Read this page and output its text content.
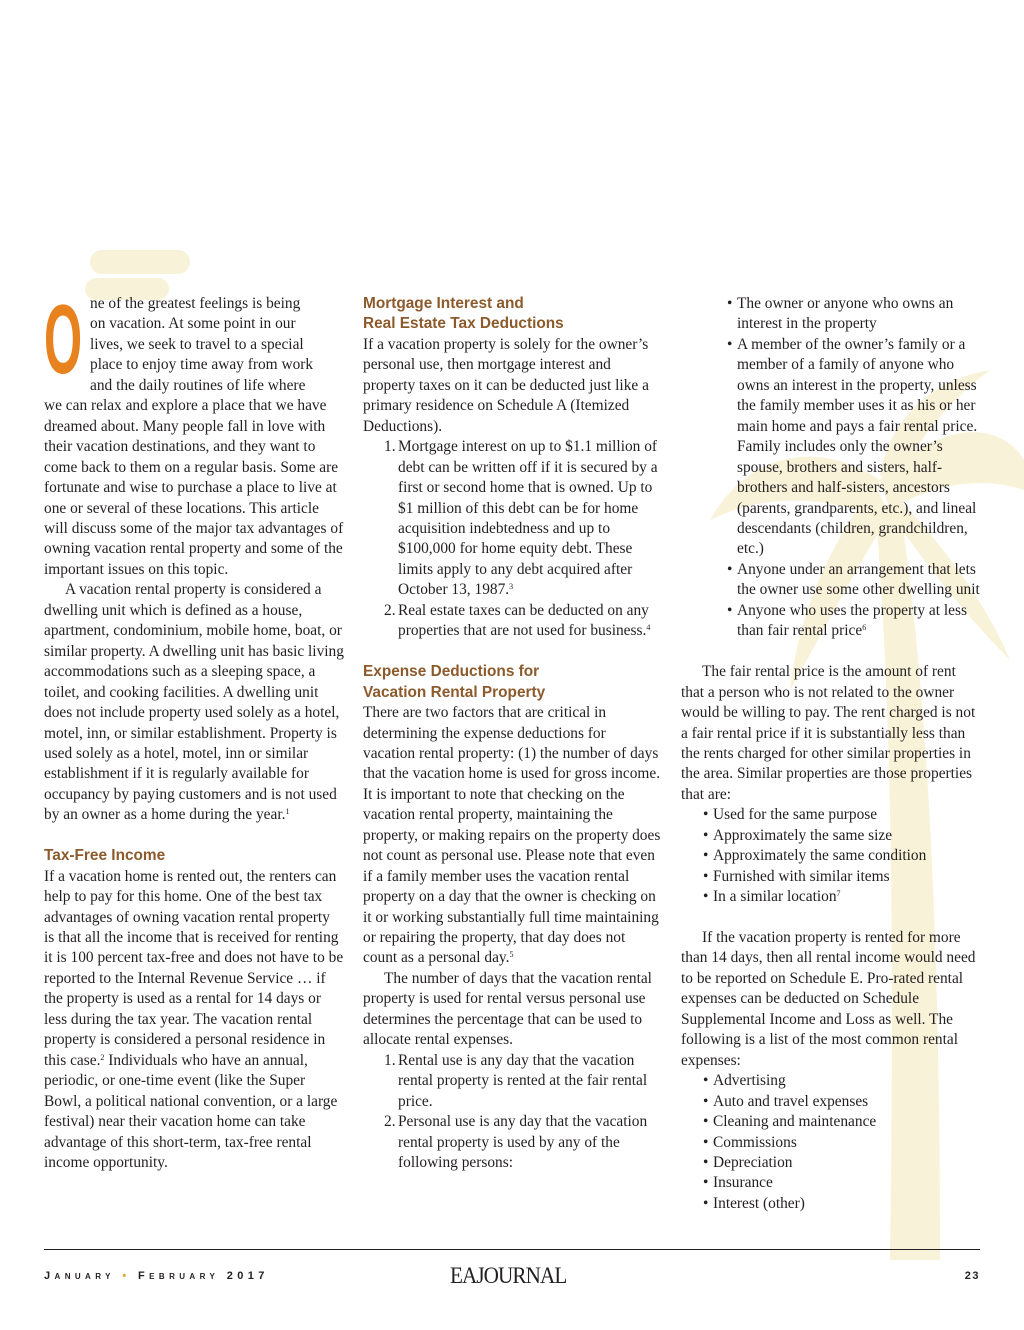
O ne of the greatest feelings is being
on vacation. At some point in our
lives, we seek to travel to a special
place to enjoy time away from work
and the daily routines of life where
we can relax and explore a place that we have dreamed about. Many people fall in love with their vacation destinations, and they want to come back to them on a regular basis. Some are fortunate and wise to purchase a place to live at one or several of these locations. This article will discuss some of the major tax advantages of owning vacation rental property and some of the important issues on this topic.

A vacation rental property is considered a dwelling unit which is defined as a house, apartment, condominium, mobile home, boat, or similar property. A dwelling unit has basic living accommodations such as a sleeping space, a toilet, and cooking facilities. A dwelling unit does not include property used solely as a hotel, motel, inn, or similar establishment. Property is used solely as a hotel, motel, inn or similar establishment if it is regularly available for occupancy by paying customers and is not used by an owner as a home during the year.$^1$

Tax-Free Income

If a vacation home is rented out, the renters can help to pay for this home. One of the best tax advantages of owning vacation rental property is that all the income that is received for renting it is 100 percent tax-free and does not have to be reported to the Internal Revenue Service … if the property is used as a rental for 14 days or less during the tax year. The vacation rental property is considered a personal residence in this case.$^2$ Individuals who have an annual, periodic, or one-time event (like the Super Bowl, a political national convention, or a large festival) near their vacation home can take advantage of this short-term, tax-free rental income opportunity.

Mortgage Interest and
Real Estate Tax Deductions

If a vacation property is solely for the owner’s personal use, then mortgage interest and property taxes on it can be deducted just like a primary residence on Schedule A (Itemized Deductions).

1. Mortgage interest on up to $1.1 million of debt can be written off if it is secured by a first or second home that is owned. Up to $1 million of this debt can be for home acquisition indebtedness and up to $100,000 for home equity debt. These limits apply to any debt acquired after October 13, 1987.$^3$
2. Real estate taxes can be deducted on any properties that are not used for business.$^4$
Expense Deductions for
Vacation Rental Property

There are two factors that are critical in determining the expense deductions for vacation rental property: (1) the number of days that the vacation home is used for gross income. It is important to note that checking on the vacation rental property, maintaining the property, or making repairs on the property does not count as personal use. Please note that even if a family member uses the vacation rental property on a day that the owner is checking on it or working substantially full time maintaining or repairing the property, that day does not count as a personal day.$^5$

The number of days that the vacation rental property is used for rental versus personal use determines the percentage that can be used to allocate rental expenses.

1. Rental use is any day that the vacation rental property is rented at the fair rental price.
2. Personal use is any day that the vacation rental property is used by any of the following persons:
• The owner or anyone who owns an interest in the property
• A member of the owner’s family or a member of a family of anyone who owns an interest in the property, unless the family member uses it as his or her main home and pays a fair rental price. Family includes only the owner’s spouse, brothers and sisters, half-brothers and half-sisters, ancestors (parents, grandparents, etc.), and lineal descendants (children, grandchildren, etc.)
• Anyone under an arrangement that lets the owner use some other dwelling unit
• Anyone who uses the property at less than fair rental price$^6$

The fair rental price is the amount of rent that a person who is not related to the owner would be willing to pay. The rent charged is not a fair rental price if it is substantially less than the rents charged for other similar properties in the area. Similar properties are those properties that are:

• Used for the same purpose
• Approximately the same size
• Approximately the same condition
• Furnished with similar items
• In a similar location$^7$

If the vacation property is rented for more than 14 days, then all rental income would need to be reported on Schedule E. Pro-rated rental expenses can be deducted on Schedule Supplemental Income and Loss as well. The following is a list of the most common rental expenses:

• Advertising
• Auto and travel expenses
• Cleaning and maintenance
• Commissions
• Depreciation
• Insurance
• Interest (other)
January • February 2017	EAJOURNAL	23
